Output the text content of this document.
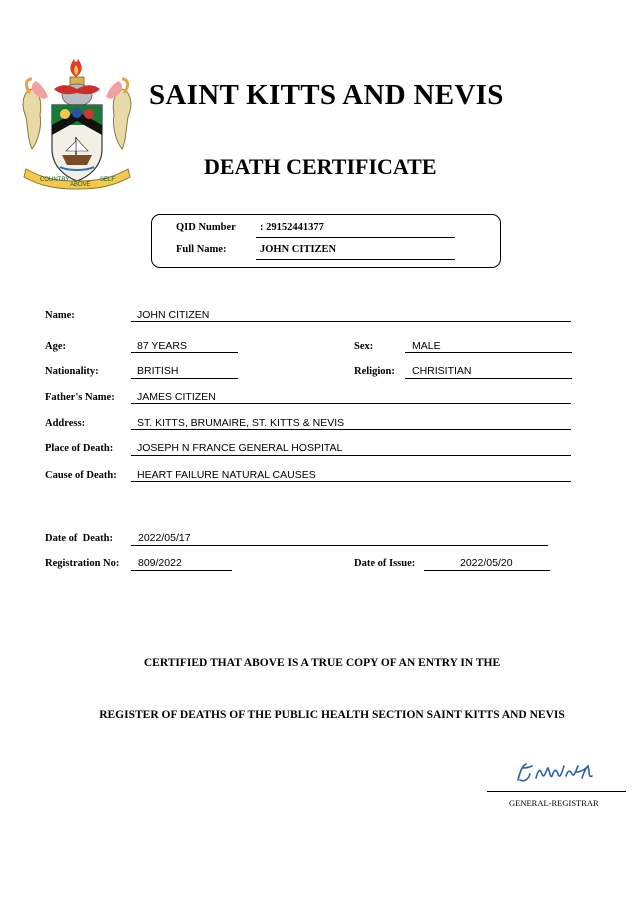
COUNTRY
ABOVE
SELF
SAINT KITTS AND NEVIS
DEATH CERTIFICATE
QID Number : 29152441377
Full Name:	JOHN CITIZEN
Name:	JOHN CITIZEN
Age:	87 YEARS	Sex:	MALE
Nationality:	BRITISH	Religion: CHRISITIAN
Father's Name: JAMES CITIZEN
Address:	ST. KITTS, BRUMAIRE, ST. KITTS & NEVIS
Place of Death: JOSEPH N FRANCE GENERAL HOSPITAL
Cause of Death: HEART FAILURE NATURAL CAUSES
Date of  Death: 2022/05/17
Registration No: 809/2022	Date of Issue:	2022/05/20
CERTIFIED THAT ABOVE IS A TRUE COPY OF AN ENTRY IN THE
REGISTER OF DEATHS OF THE PUBLIC HEALTH SECTION SAINT KITTS AND NEVIS
GENERAL-REGISTRAR
